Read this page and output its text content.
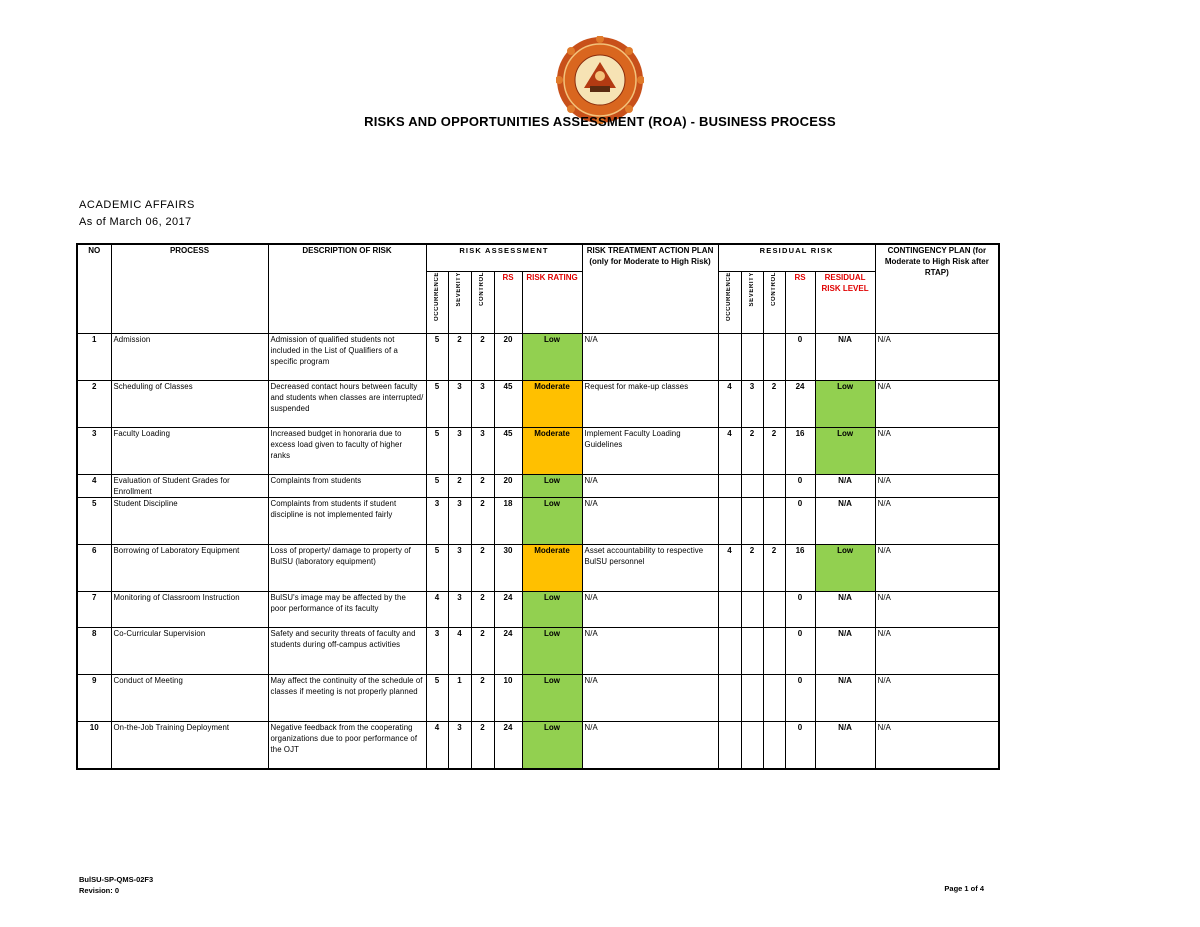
RISKS AND OPPORTUNITIES ASSESSMENT (ROA) - BUSINESS PROCESS
ACADEMIC AFFAIRS
As of March 06, 2017
NO	PROCESS	DESCRIPTION OF RISK	RISK ASSESSMENT					RISK TREATMENT ACTION PLAN (only for Moderate to High Risk)	RESIDUAL RISK					CONTINGENCY PLAN (for Moderate to High Risk after RTAP)
			OCCURRENCE	SEVERITY	CONTROL	RS	RISK RATING		OCCURRENCE	SEVERITY	CONTROL	RS	RESIDUAL RISK LEVEL	
1	Admission	Admission of qualified students not included in the List of Qualifiers of a specific program	5	2	2	20	Low	N/A				0	N/A	N/A
2	Scheduling of Classes	Decreased contact hours between faculty and students when classes are interrupted/ suspended	5	3	3	45	Moderate	Request for make-up classes	4	3	2	24	Low	N/A
3	Faculty Loading	Increased budget in honoraria due to excess load given to faculty of higher ranks	5	3	3	45	Moderate	Implement Faculty Loading Guidelines	4	2	2	16	Low	N/A
4	Evaluation of Student Grades for Enrollment	Complaints from students	5	2	2	20	Low	N/A				0	N/A	N/A
5	Student Discipline	Complaints from students if student discipline is not implemented fairly	3	3	2	18	Low	N/A				0	N/A	N/A
6	Borrowing of Laboratory Equipment	Loss of property/ damage to property of BulSU (laboratory equipment)	5	3	2	30	Moderate	Asset accountability to respective BulSU personnel	4	2	2	16	Low	N/A
7	Monitoring of Classroom Instruction	BulSU's image may be affected by the poor performance of its faculty	4	3	2	24	Low	N/A				0	N/A	N/A
8	Co-Curricular Supervision	Safety and security threats of faculty and students during off-campus activities	3	4	2	24	Low	N/A				0	N/A	N/A
9	Conduct of Meeting	May affect the continuity of the schedule of classes if meeting is not properly planned	5	1	2	10	Low	N/A				0	N/A	N/A
10	On-the-Job Training Deployment	Negative feedback from the cooperating organizations due to poor performance of the OJT	4	3	2	24	Low	N/A				0	N/A	N/A
BulSU-SP-QMS-02F3
Revision: 0	Page 1 of 4
